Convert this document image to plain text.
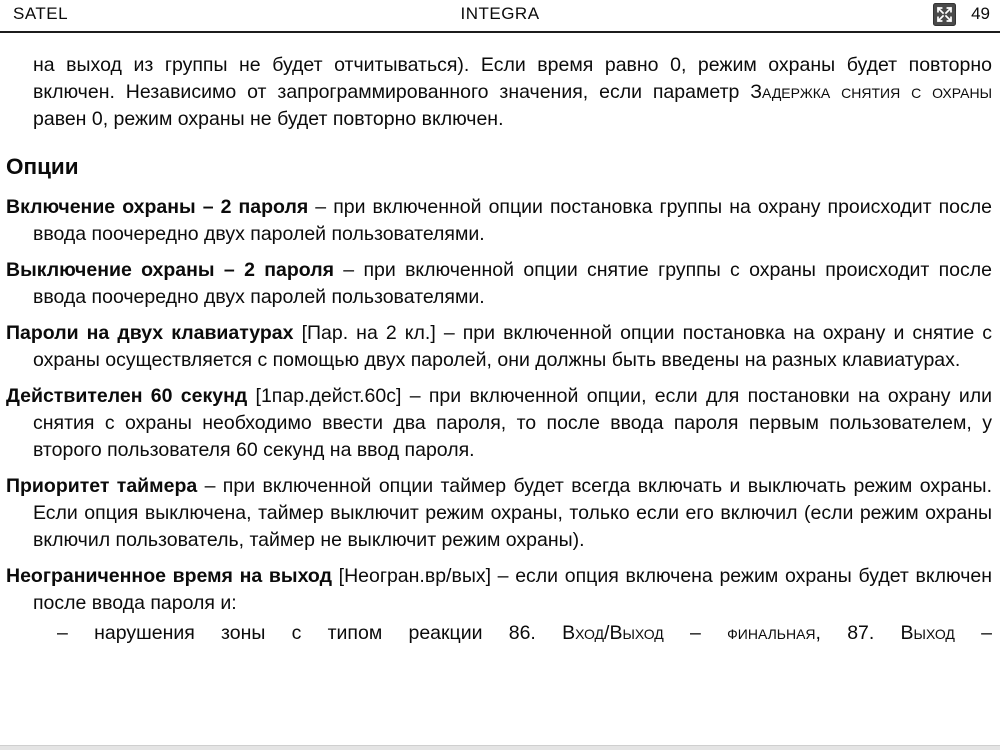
SATEL	INTEGRA	49

на выход из группы не будет отчитываться). Если время равно 0, режим охраны будет повторно включен. Независимо от запрограммированного значения, если параметр Задержка снятия с охраны равен 0, режим охраны не будет повторно включен.

Опции

Включение охраны – 2 пароля – при включенной опции постановка группы на охрану происходит после ввода поочередно двух паролей пользователями.

Выключение охраны – 2 пароля – при включенной опции снятие группы с охраны происходит после ввода поочередно двух паролей пользователями.

Пароли на двух клавиатурах [Пар. на 2 кл.] – при включенной опции постановка на охрану и снятие с охраны осуществляется с помощью двух паролей, они должны быть введены на разных клавиатурах.

Действителен 60 секунд [1пар.дейст.60с] – при включенной опции, если для постановки на охрану или снятия с охраны необходимо ввести два пароля, то после ввода пароля первым пользователем, у второго пользователя 60 секунд на ввод пароля.

Приоритет таймера – при включенной опции таймер будет всегда включать и выключать режим охраны. Если опция выключена, таймер выключит режим охраны, только если его включил (если режим охраны включил пользователь, таймер не выключит режим охраны).

Неограниченное время на выход [Неогран.вр/вых] – если опция включена режим охраны будет включен после ввода пароля и:

– нарушения зоны с типом реакции 86. Вход/Выход – финальная, 87. Выход –
